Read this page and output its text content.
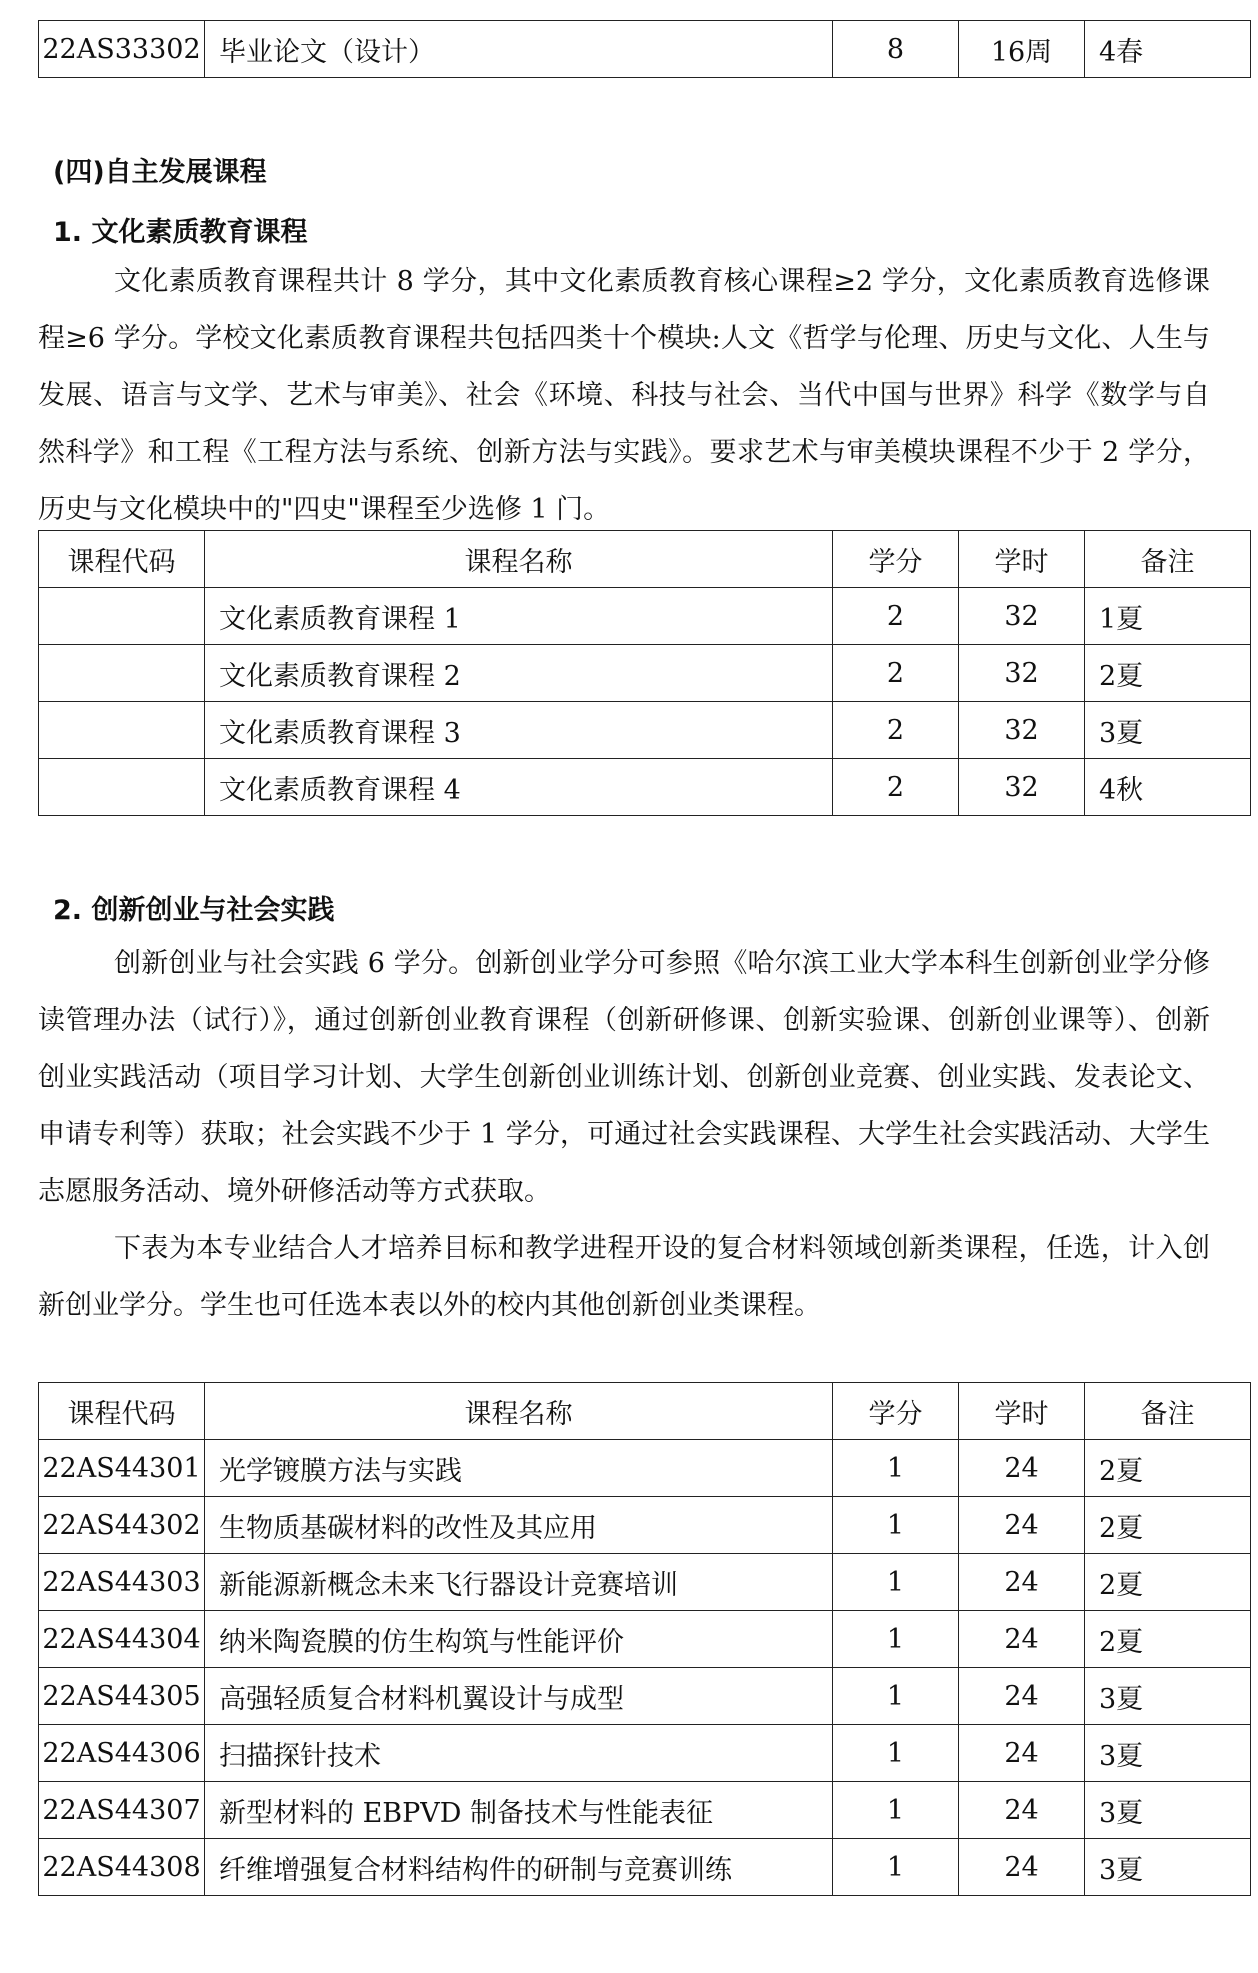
22AS33302	毕业论文（设计）	8	16周	4春
(四)自主发展课程
1. 文化素质教育课程

文化素质教育课程共计 8 学分，其中文化素质教育核心课程≥2 学分，文化素质教育选修课程≥6 学分。学校文化素质教育课程共包括四类十个模块:人文《哲学与伦理、历史与文化、人生与发展、语言与文学、艺术与审美》、社会《环境、科技与社会、当代中国与世界》科学《数学与自然科学》和工程《工程方法与系统、创新方法与实践》。要求艺术与审美模块课程不少于 2 学分，历史与文化模块中的"四史"课程至少选修 1 门。

课程代码	课程名称	学分	学时	备注
	文化素质教育课程 1	2	32	1夏
	文化素质教育课程 2	2	32	2夏
	文化素质教育课程 3	2	32	3夏
	文化素质教育课程 4	2	32	4秋
2. 创新创业与社会实践

创新创业与社会实践 6 学分。创新创业学分可参照《哈尔滨工业大学本科生创新创业学分修读管理办法（试行）》，通过创新创业教育课程（创新研修课、创新实验课、创新创业课等）、创新创业实践活动（项目学习计划、大学生创新创业训练计划、创新创业竞赛、创业实践、发表论文、申请专利等）获取；社会实践不少于 1 学分，可通过社会实践课程、大学生社会实践活动、大学生志愿服务活动、境外研修活动等方式获取。

下表为本专业结合人才培养目标和教学进程开设的复合材料领域创新类课程，任选，计入创新创业学分。学生也可任选本表以外的校内其他创新创业类课程。

课程代码	课程名称	学分	学时	备注
22AS44301	光学镀膜方法与实践	1	24	2夏
22AS44302	生物质基碳材料的改性及其应用	1	24	2夏
22AS44303	新能源新概念未来飞行器设计竞赛培训	1	24	2夏
22AS44304	纳米陶瓷膜的仿生构筑与性能评价	1	24	2夏
22AS44305	高强轻质复合材料机翼设计与成型	1	24	3夏
22AS44306	扫描探针技术	1	24	3夏
22AS44307	新型材料的 EBPVD 制备技术与性能表征	1	24	3夏
22AS44308	纤维增强复合材料结构件的研制与竞赛训练	1	24	3夏
